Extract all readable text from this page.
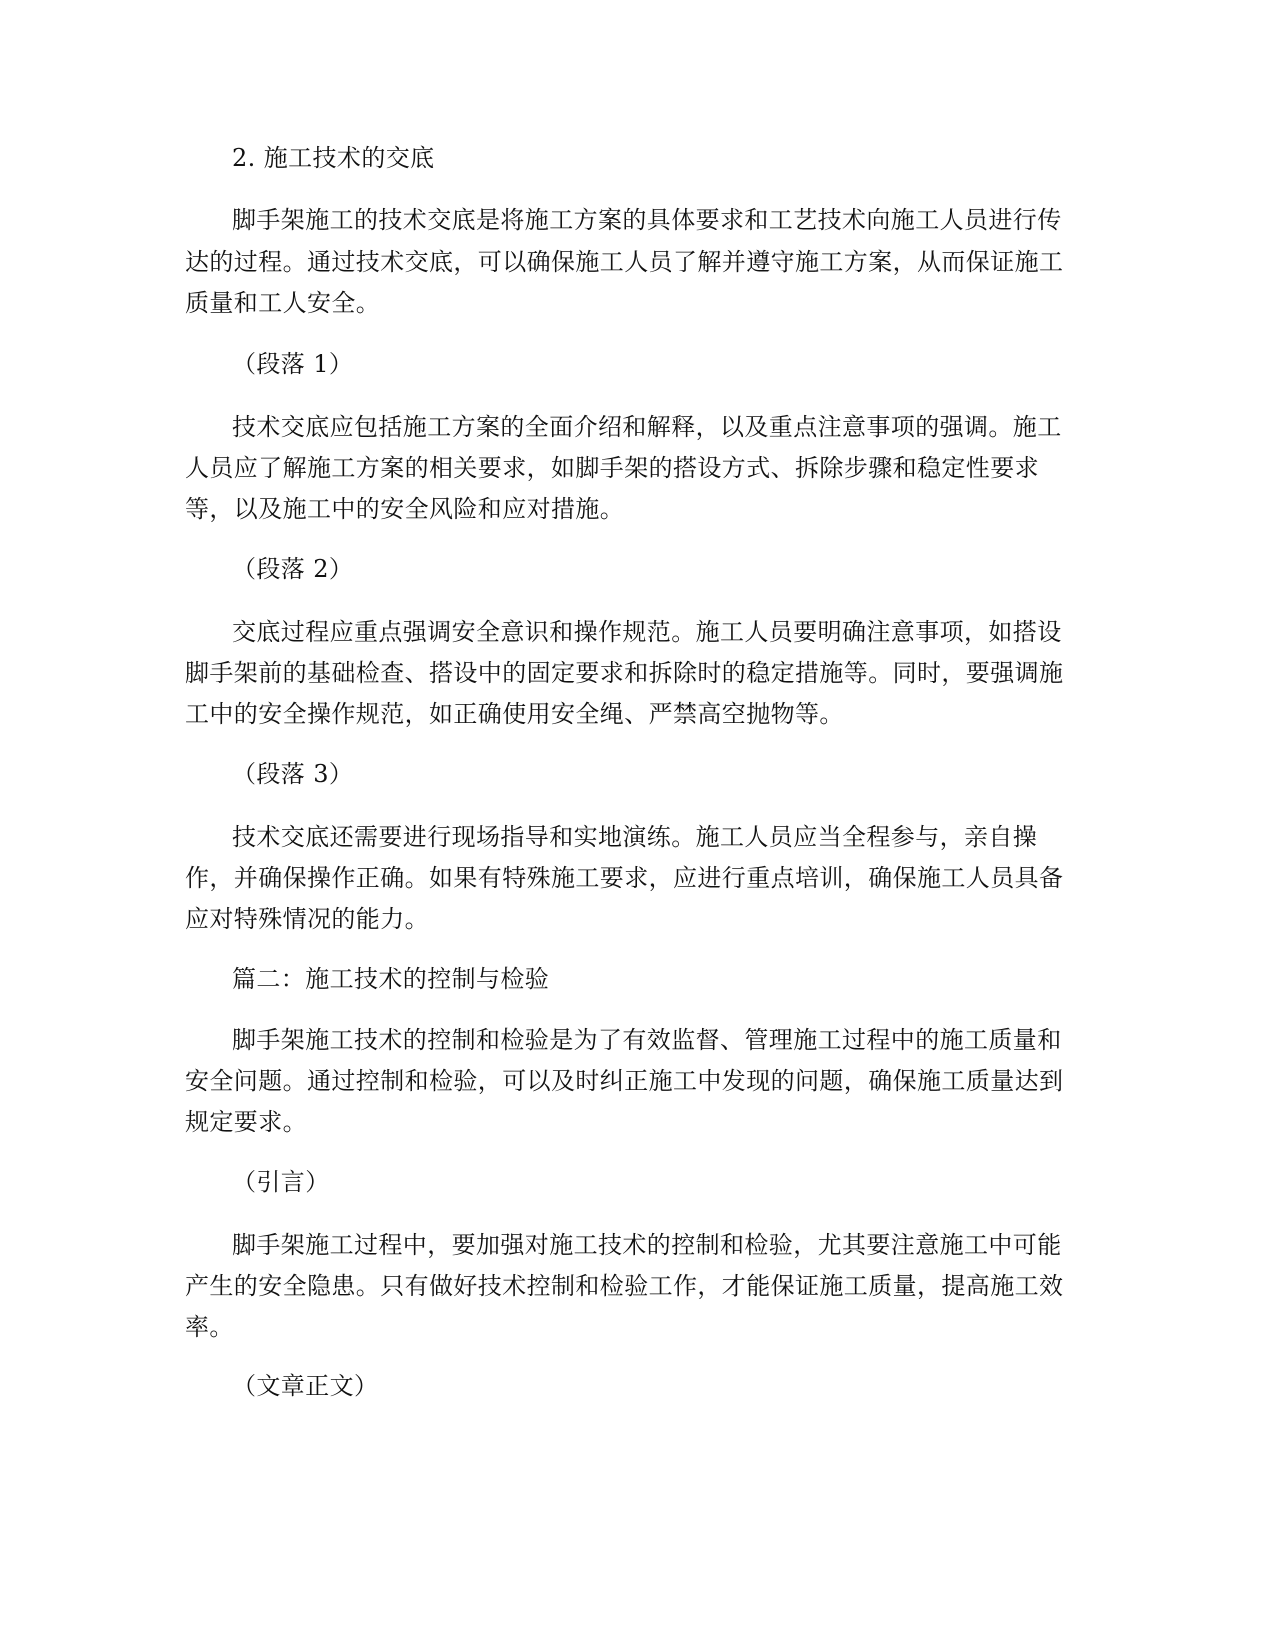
2. 施工技术的交底
脚手架施工的技术交底是将施工方案的具体要求和工艺技术向施工人员进行传
达的过程。通过技术交底，可以确保施工人员了解并遵守施工方案，从而保证施工
质量和工人安全。
（段落 1）
技术交底应包括施工方案的全面介绍和解释，以及重点注意事项的强调。施工
人员应了解施工方案的相关要求，如脚手架的搭设方式、拆除步骤和稳定性要求
等，以及施工中的安全风险和应对措施。
（段落 2）
交底过程应重点强调安全意识和操作规范。施工人员要明确注意事项，如搭设
脚手架前的基础检查、搭设中的固定要求和拆除时的稳定措施等。同时，要强调施
工中的安全操作规范，如正确使用安全绳、严禁高空抛物等。
（段落 3）
技术交底还需要进行现场指导和实地演练。施工人员应当全程参与，亲自操
作，并确保操作正确。如果有特殊施工要求，应进行重点培训，确保施工人员具备
应对特殊情况的能力。
篇二：施工技术的控制与检验
脚手架施工技术的控制和检验是为了有效监督、管理施工过程中的施工质量和
安全问题。通过控制和检验，可以及时纠正施工中发现的问题，确保施工质量达到
规定要求。
（引言）
脚手架施工过程中，要加强对施工技术的控制和检验，尤其要注意施工中可能
产生的安全隐患。只有做好技术控制和检验工作，才能保证施工质量，提高施工效
率。
（文章正文）
